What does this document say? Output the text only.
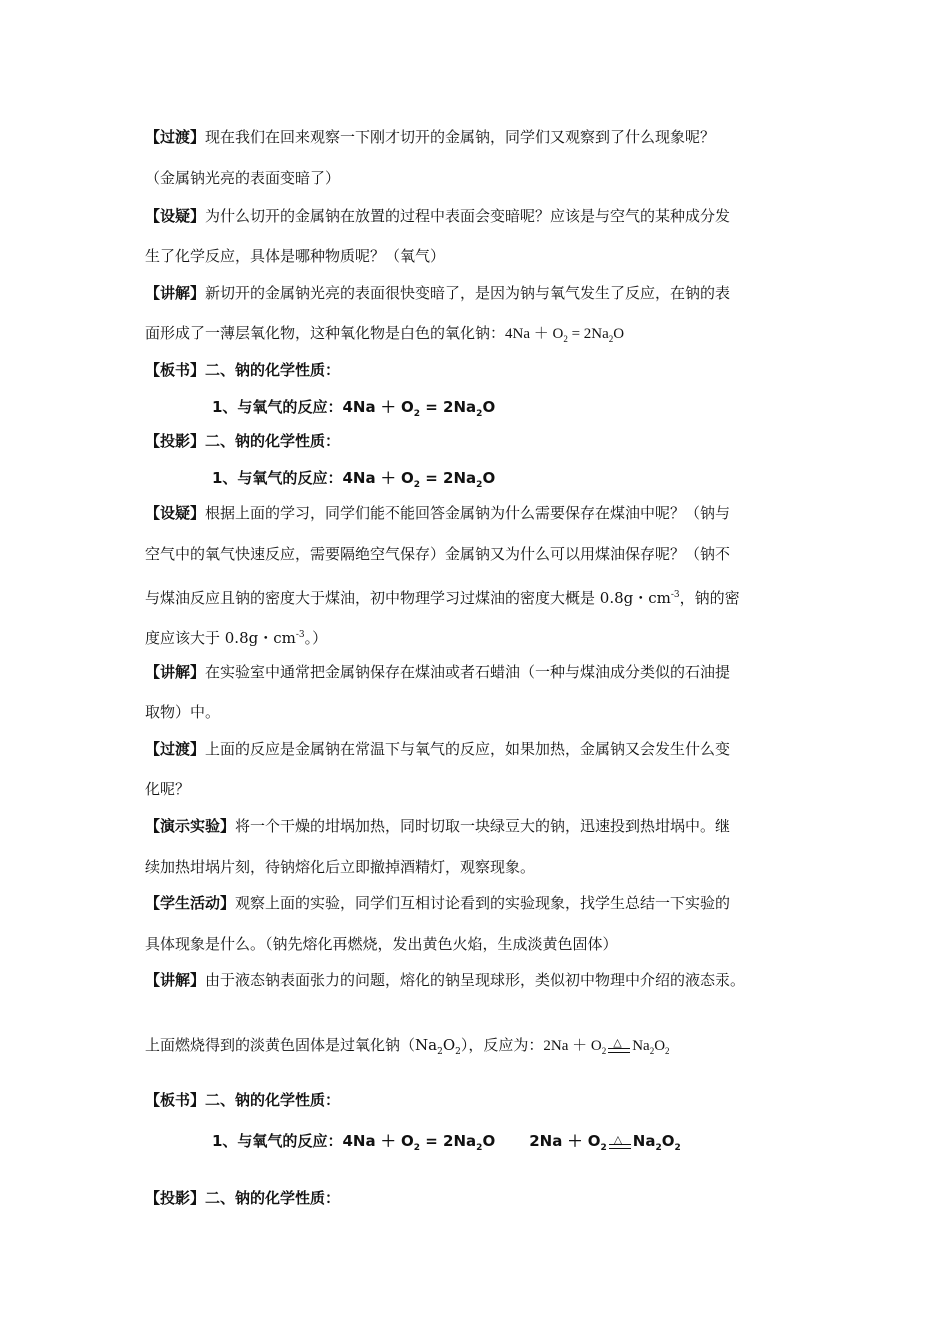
【过渡】现在我们在回来观察一下刚才切开的金属钠，同学们又观察到了什么现象呢？
（金属钠光亮的表面变暗了）
【设疑】为什么切开的金属钠在放置的过程中表面会变暗呢？应该是与空气的某种成分发
生了化学反应，具体是哪种物质呢？（氧气）
【讲解】新切开的金属钠光亮的表面很快变暗了，是因为钠与氧气发生了反应，在钠的表
面形成了一薄层氧化物，这种氧化物是白色的氧化钠：$4Na + O_2 = 2Na_2O$
【板书】二、钠的化学性质：
1、与氧气的反应：$4Na + O_2 = 2Na_2O$
【投影】二、钠的化学性质：
1、与氧气的反应：$4Na + O_2 = 2Na_2O$
【设疑】根据上面的学习，同学们能不能回答金属钠为什么需要保存在煤油中呢？（钠与
空气中的氧气快速反应，需要隔绝空气保存）金属钠又为什么可以用煤油保存呢？（钠不
与煤油反应且钠的密度大于煤油，初中物理学习过煤油的密度大概是 0.8g・$cm^{-3}$，钠的密
度应该大于 0.8g・$cm^{-3}$。）
【讲解】在实验室中通常把金属钠保存在煤油或者石蜡油（一种与煤油成分类似的石油提
取物）中。
【过渡】上面的反应是金属钠在常温下与氧气的反应，如果加热，金属钠又会发生什么变
化呢？
【演示实验】将一个干燥的坩埚加热，同时切取一块绿豆大的钠，迅速投到热坩埚中。继
续加热坩埚片刻，待钠熔化后立即撤掉酒精灯，观察现象。
【学生活动】观察上面的实验，同学们互相讨论看到的实验现象，找学生总结一下实验的
具体现象是什么。（钠先熔化再燃烧，发出黄色火焰，生成淡黄色固体）
【讲解】由于液态钠表面张力的问题，熔化的钠呈现球形，类似初中物理中介绍的液态汞。
上面燃烧得到的淡黄色固体是过氧化钠$(Na_2O_2)$，反应为：$2Na + O_2$
△ $Na_2O_2$
【板书】二、钠的化学性质：
1、与氧气的反应：$4Na + O_2 = 2Na_2O$ $2Na + O_2$
△ $Na_2O_2$
【投影】二、钠的化学性质：
